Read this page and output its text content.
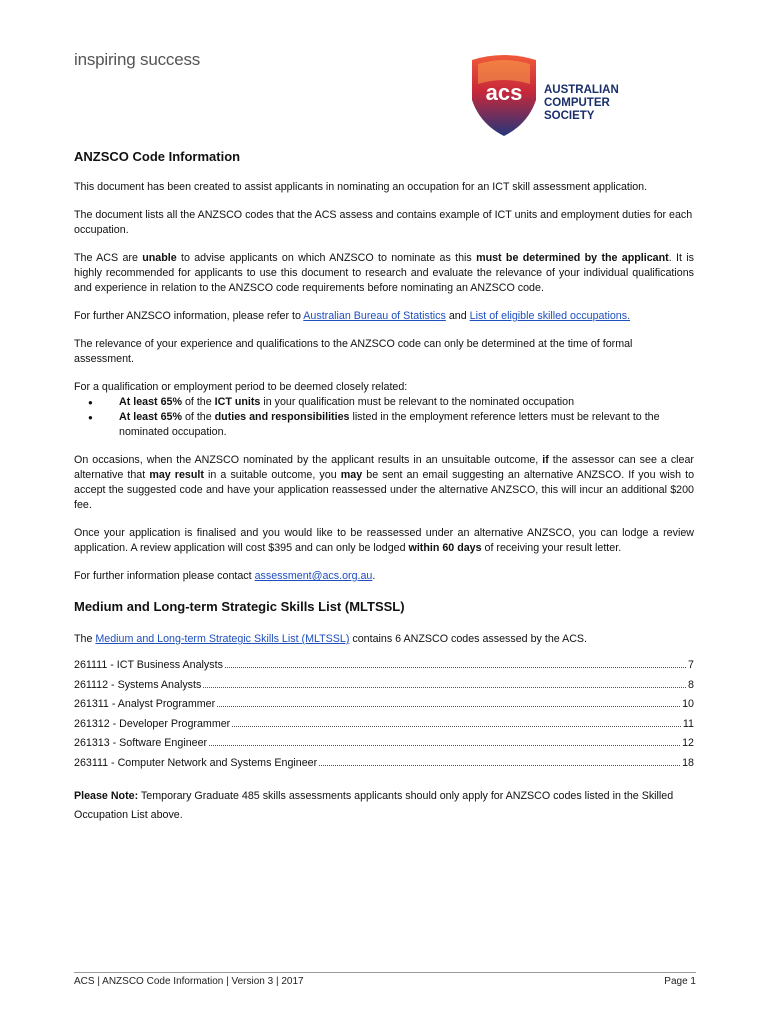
inspiring success
acs AUSTRALIAN
COMPUTER
SOCIETY
ANZSCO Code Information

This document has been created to assist applicants in nominating an occupation for an ICT skill assessment application.

The document lists all the ANZSCO codes that the ACS assess and contains example of ICT units and employment duties for each occupation.

The ACS are unable to advise applicants on which ANZSCO to nominate as this must be determined by the applicant. It is highly recommended for applicants to use this document to research and evaluate the relevance of your individual qualifications and experience in relation to the ANZSCO code requirements before nominating an ANZSCO code.

For further ANZSCO information, please refer to Australian Bureau of Statistics and List of eligible skilled occupations.

The relevance of your experience and qualifications to the ANZSCO code can only be determined at the time of formal assessment.

For a qualification or employment period to be deemed closely related:

● At least 65% of the ICT units in your qualification must be relevant to the nominated occupation
● At least 65% of the duties and responsibilities listed in the employment reference letters must be relevant to the nominated occupation.

On occasions, when the ANZSCO nominated by the applicant results in an unsuitable outcome, if the assessor can see a clear alternative that may result in a suitable outcome, you may be sent an email suggesting an alternative ANZSCO. If you wish to accept the suggested code and have your application reassessed under the alternative ANZSCO, this will incur an additional $200 fee.

Once your application is finalised and you would like to be reassessed under an alternative ANZSCO, you can lodge a review application. A review application will cost $395 and can only be lodged within 60 days of receiving your result letter.

For further information please contact assessment@acs.org.au.

Medium and Long-term Strategic Skills List (MLTSSL)

The Medium and Long-term Strategic Skills List (MLTSSL) contains 6 ANZSCO codes assessed by the ACS.

261111 - ICT Business Analysts	7
261112 - Systems Analysts	8
261311 - Analyst Programmer	10
261312 - Developer Programmer	11
261313 - Software Engineer	12
263111 - Computer Network and Systems Engineer	18

Please Note: Temporary Graduate 485 skills assessments applicants should only apply for ANZSCO codes listed in the Skilled Occupation List above.

ACS | ANZSCO Code Information | Version 3 | 2017	Page 1
